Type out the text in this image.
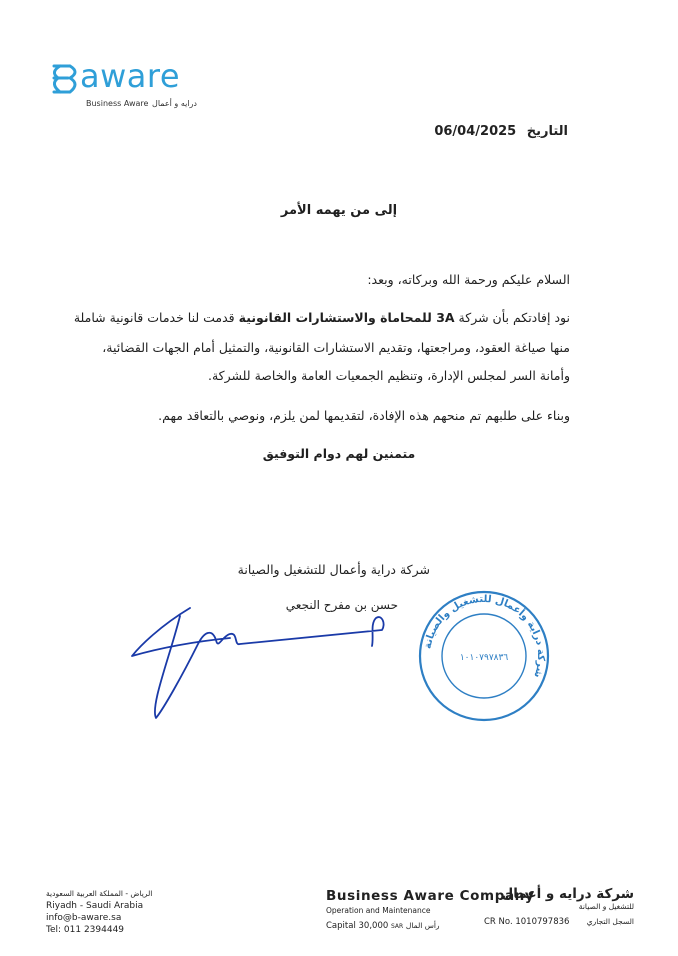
aware
Business Aware درايه و أعمال
التاريخ 06/04/2025
إلى من يهمه الأمر
السلام عليكم ورحمة الله وبركاته، وبعد:
نود إفادتكم بأن شركة 3A للمحاماة والاستشارات القانونية قدمت لنا خدمات قانونية شاملة
منها صياغة العقود، ومراجعتها، وتقديم الاستشارات القانونية، والتمثيل أمام الجهات القضائية،
وأمانة السر لمجلس الإدارة، وتنظيم الجمعيات العامة والخاصة للشركة.
وبناء على طلبهم تم منحهم هذه الإفادة، لتقديمها لمن يلزم، ونوصي بالتعاقد مهم.
متمنين لهم دوام التوفيق
شركة دراية وأعمال للتشغيل والصيانة
حسن بن مفرح النجعي
شركة دراية وأعمال للتشغيل والصيانة
١٠١٠٧٩٧٨٣٦
الرياض - المملكة العربية السعودية
Riyadh - Saudi Arabia
info@b-aware.sa
Tel: 011 2394449
Business Aware Company
Operation and Maintenance
Capital 30,000 SAR رأس المال
شركة درايه و أعمال
للتشغيل و الصيانة
CR No. 1010797836 السجل التجاري
